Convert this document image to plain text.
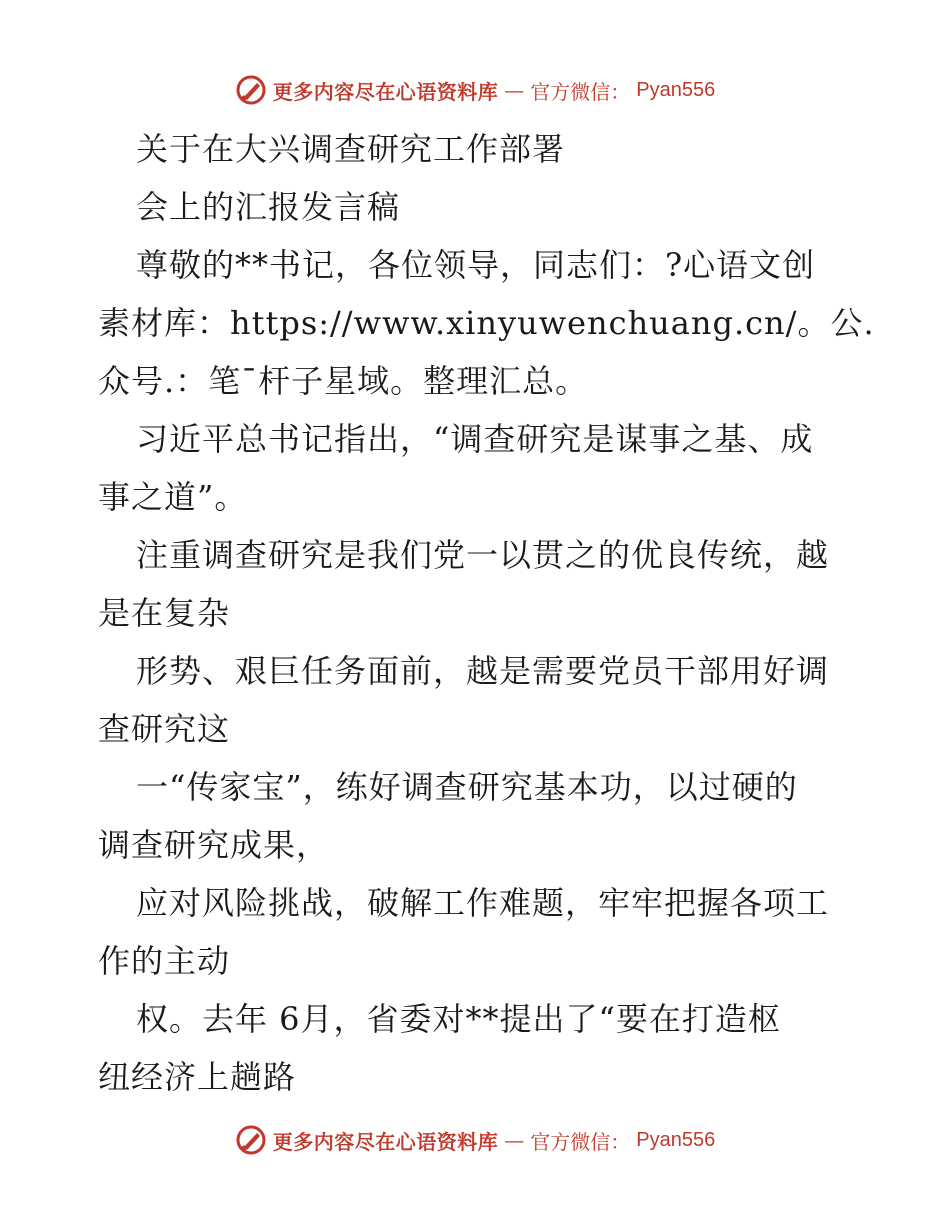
更多内容尽在心语资料库 — 官方微信： Pyan556
关于在大兴调查研究工作部署
会上的汇报发言稿
尊敬的**书记，各位领导，同志们：?心语文创
素材库：https://www.xinyuwenchuang.cn/。公.
众号.：笔¯杆子星域。整理汇总。
习近平总书记指出，“调查研究是谋事之基、成
事之道”。
注重调查研究是我们党一以贯之的优良传统，越
是在复杂
形势、艰巨任务面前，越是需要党员干部用好调
查研究这
一“传家宝”，练好调查研究基本功，以过硬的
调查研究成果，
应对风险挑战，破解工作难题，牢牢把握各项工
作的主动
权。去年 6月，省委对**提出了“要在打造枢
纽经济上趟路
更多内容尽在心语资料库 — 官方微信： Pyan556
